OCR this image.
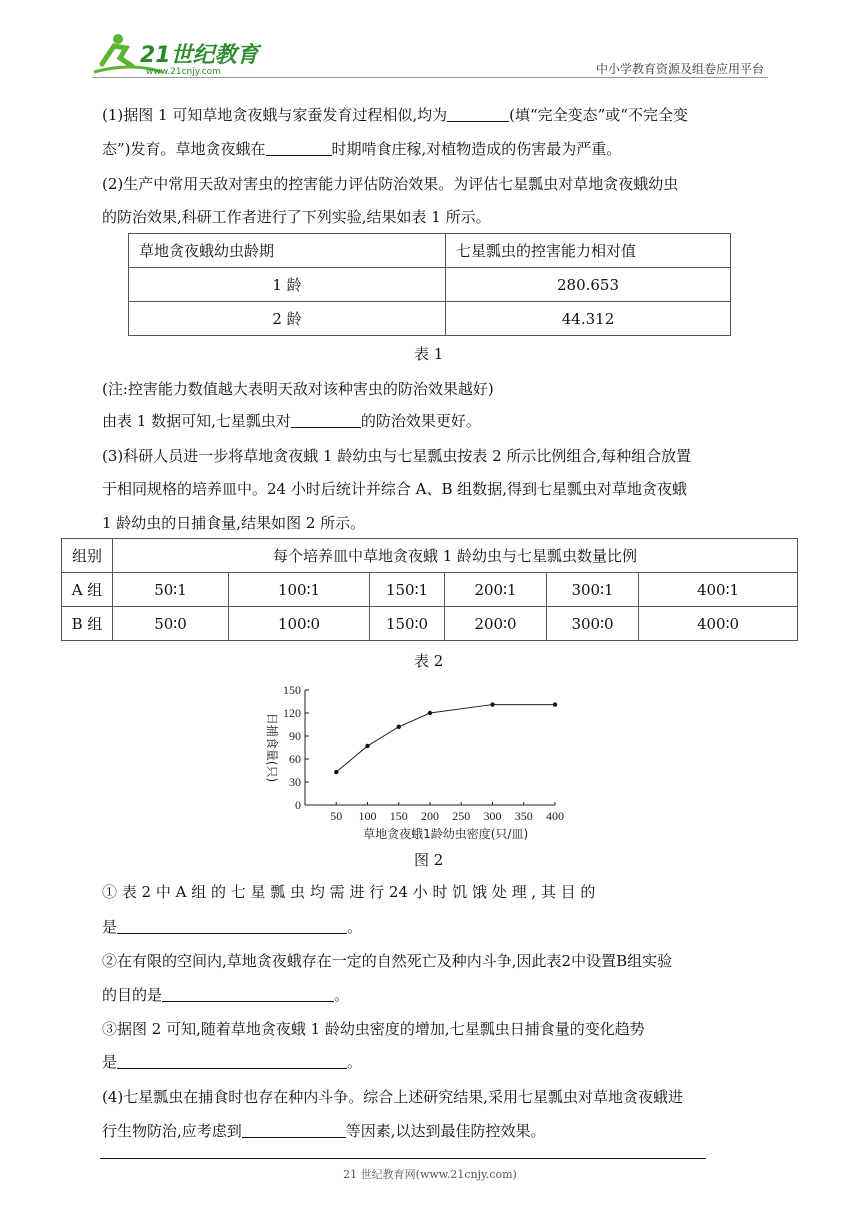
21世纪教育
www.21cnjy.com	中小学教育资源及组卷应用平台
(1)据图 1 可知草地贪夜蛾与家蚕发育过程相似,均为	(填“完全变态”或“不完全变
态”)发育。草地贪夜蛾在	时期啃食庄稼,对植物造成的伤害最为严重。
(2)生产中常用天敌对害虫的控害能力评估防治效果。为评估七星瓢虫对草地贪夜蛾幼虫
的防治效果,科研工作者进行了下列实验,结果如表 1 所示。
草地贪夜蛾幼虫龄期	七星瓢虫的控害能力相对值
1 龄	280.653
2 龄	44.312
表 1
(注:控害能力数值越大表明天敌对该种害虫的防治效果越好)
由表 1 数据可知,七星瓢虫对	的防治效果更好。
(3)科研人员进一步将草地贪夜蛾 1 龄幼虫与七星瓢虫按表 2 所示比例组合,每种组合放置
于相同规格的培养皿中。24 小时后统计并综合 A、B 组数据,得到七星瓢虫对草地贪夜蛾
1 龄幼虫的日捕食量,结果如图 2 所示。
组别	每个培养皿中草地贪夜蛾 1 龄幼虫与七星瓢虫数量比例					
A 组	50∶1	100∶1	150∶1	200∶1	300∶1	400∶1
B 组	50∶0	100∶0	150∶0	200∶0	300∶0	400∶0
表 2
0
30
60
90
120
150
50 100 150 200 250 300 350 400
草地贪夜蛾1龄幼虫密度(只/皿)
日捕食量(只)
图 2
① 表 2 中 A 组 的 七 星 瓢 虫 均 需 进 行 24 小 时 饥 饿 处 理 , 其 目 的
是	。
②在有限的空间内,草地贪夜蛾存在一定的自然死亡及种内斗争,因此表2中设置B组实验
的目的是	。
③据图 2 可知,随着草地贪夜蛾 1 龄幼虫密度的增加,七星瓢虫日捕食量的变化趋势
是	。
(4)七星瓢虫在捕食时也存在种内斗争。综合上述研究结果,采用七星瓢虫对草地贪夜蛾进
行生物防治,应考虑到	等因素,以达到最佳防控效果。
21 世纪教育网(www.21cnjy.com)
